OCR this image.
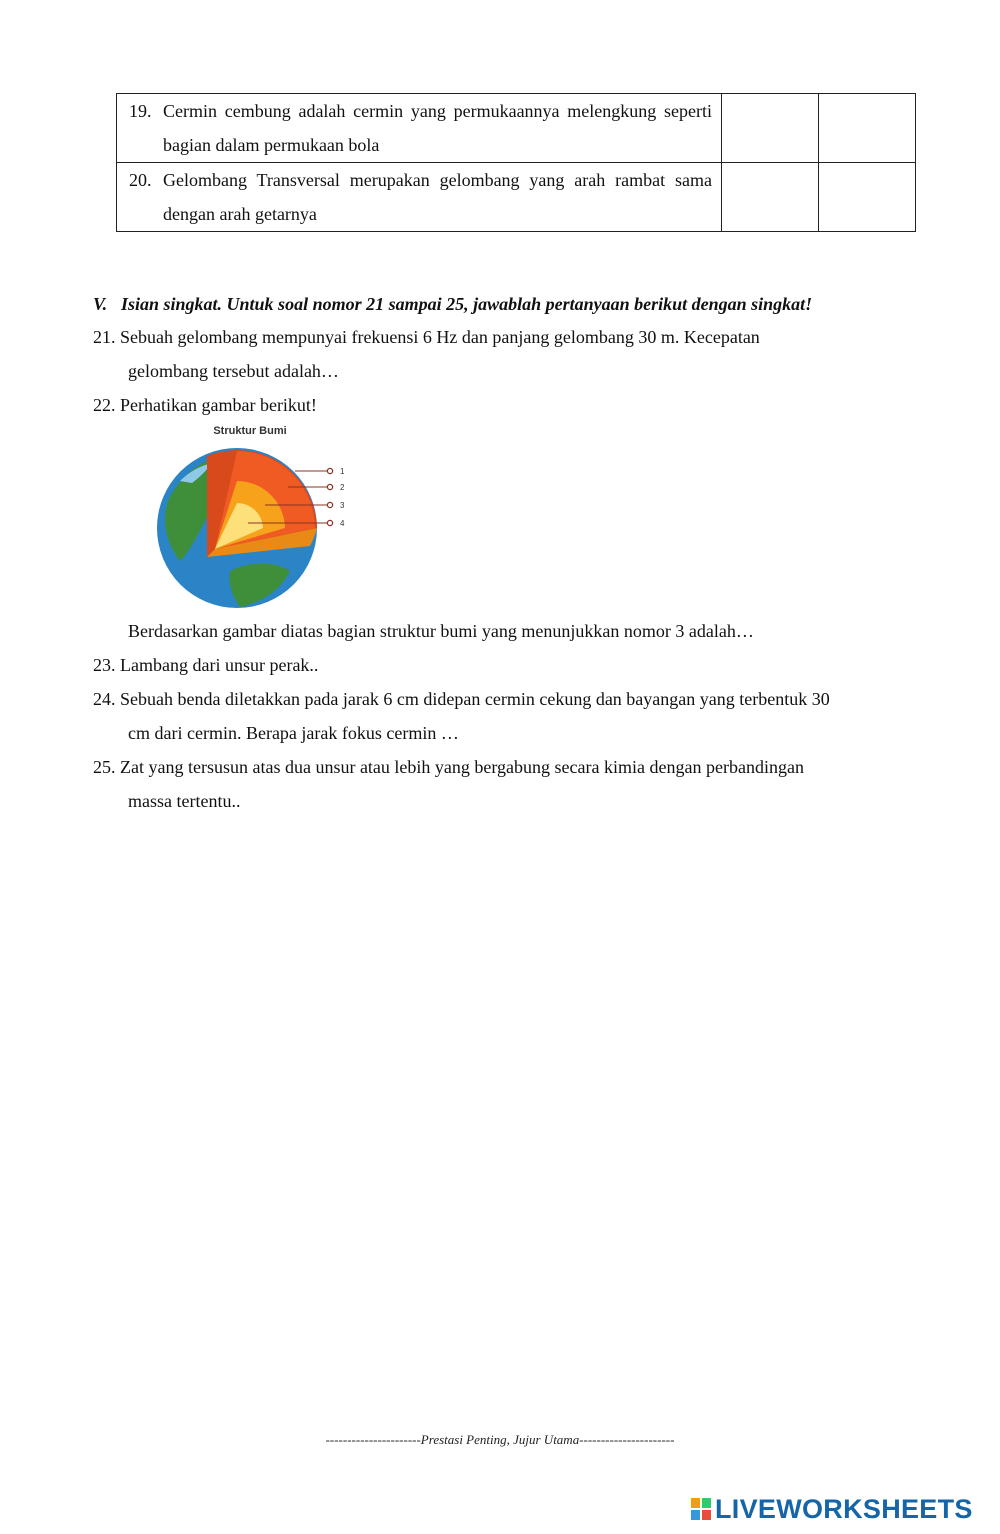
19. Cermin cembung adalah cermin yang permukaannya melengkung seperti bagian dalam permukaan bola		

20. Gelombang Transversal merupakan gelombang yang arah rambat sama dengan arah getarnya		

V. Isian singkat. Untuk soal nomor 21 sampai 25, jawablah pertanyaan berikut dengan singkat!
21. Sebuah gelombang mempunyai frekuensi 6 Hz dan panjang gelombang 30 m. Kecepatan
gelombang tersebut adalah…
22. Perhatikan gambar berikut!
Struktur Bumi
1
2
3
4
Berdasarkan gambar diatas bagian struktur bumi yang menunjukkan nomor 3 adalah…
23. Lambang dari unsur perak..
24. Sebuah benda diletakkan pada jarak 6 cm didepan cermin cekung dan bayangan yang terbentuk 30
cm dari cermin. Berapa jarak fokus cermin …
25. Zat yang tersusun atas dua unsur atau lebih yang bergabung secara kimia dengan perbandingan
massa tertentu..
----------------------Prestasi Penting, Jujur Utama----------------------
LIVEWORKSHEETS
